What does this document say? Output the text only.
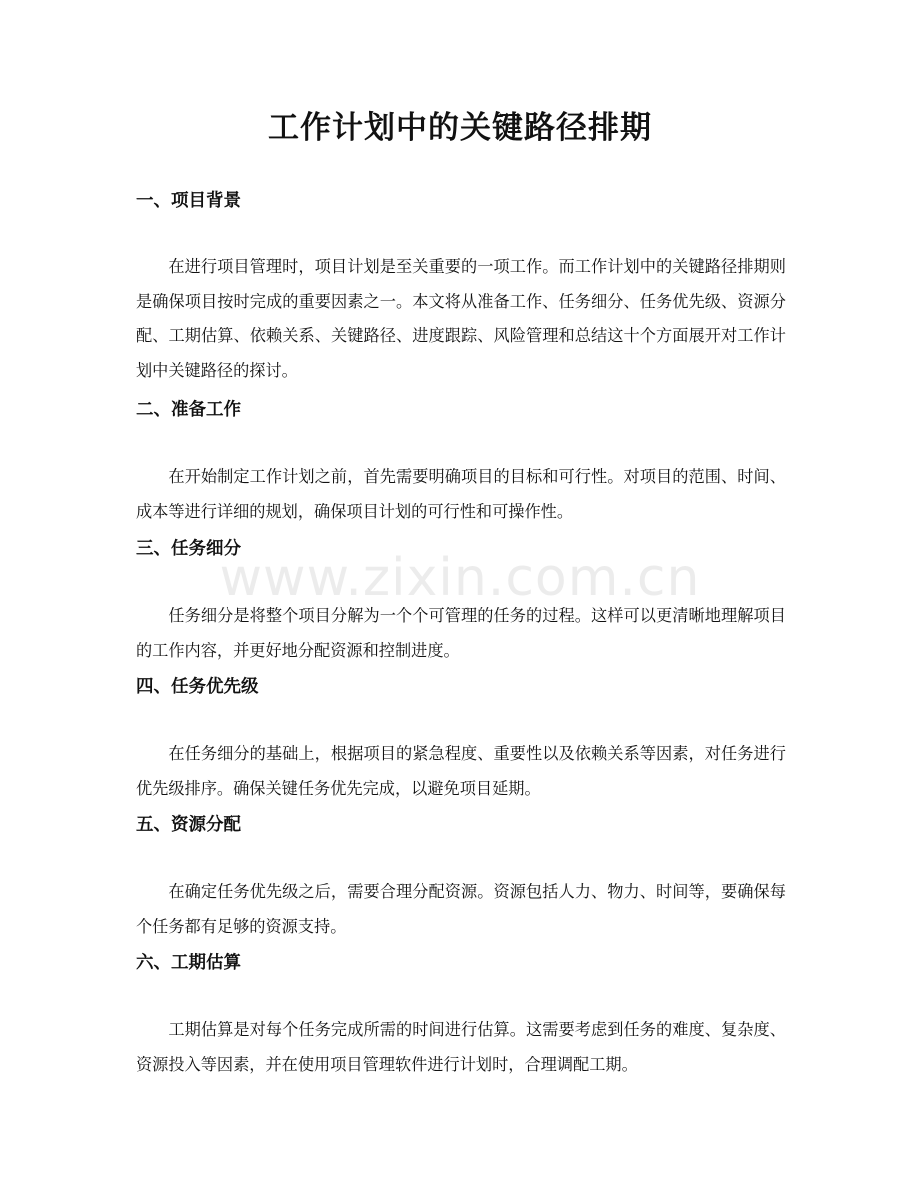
www.zixin.com.cn
工作计划中的关键路径排期
一、项目背景

在进行项目管理时，项目计划是至关重要的一项工作。而工作计划中的关键路径排期则是确保项目按时完成的重要因素之一。本文将从准备工作、任务细分、任务优先级、资源分配、工期估算、依赖关系、关键路径、进度跟踪、风险管理和总结这十个方面展开对工作计划中关键路径的探讨。

二、准备工作

在开始制定工作计划之前，首先需要明确项目的目标和可行性。对项目的范围、时间、成本等进行详细的规划，确保项目计划的可行性和可操作性。

三、任务细分

任务细分是将整个项目分解为一个个可管理的任务的过程。这样可以更清晰地理解项目的工作内容，并更好地分配资源和控制进度。

四、任务优先级

在任务细分的基础上，根据项目的紧急程度、重要性以及依赖关系等因素，对任务进行优先级排序。确保关键任务优先完成，以避免项目延期。

五、资源分配

在确定任务优先级之后，需要合理分配资源。资源包括人力、物力、时间等，要确保每个任务都有足够的资源支持。

六、工期估算

工期估算是对每个任务完成所需的时间进行估算。这需要考虑到任务的难度、复杂度、资源投入等因素，并在使用项目管理软件进行计划时，合理调配工期。
